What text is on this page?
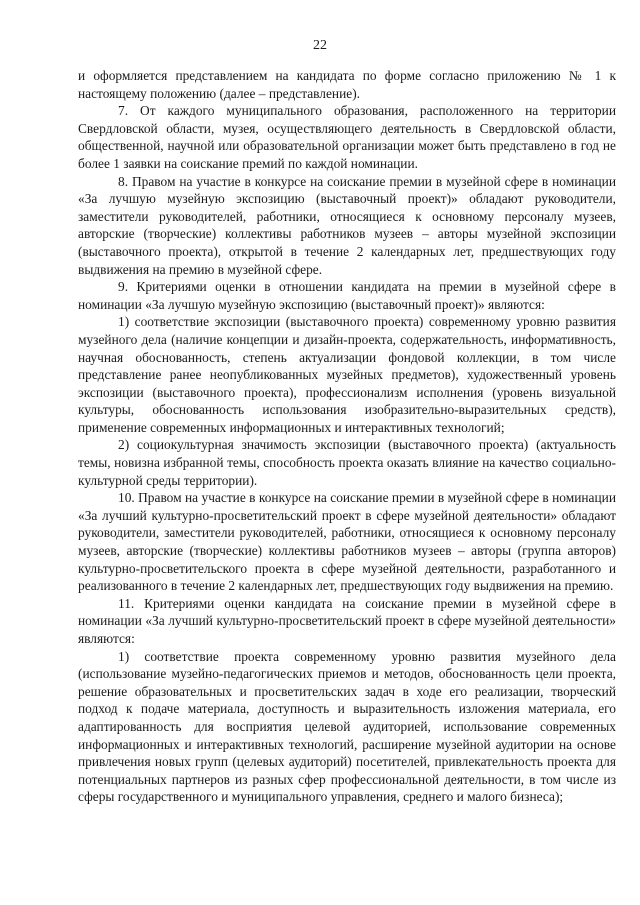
22

и оформляется представлением на кандидата по форме согласно приложению № 1 к настоящему положению (далее – представление).

7. От каждого муниципального образования, расположенного на территории Свердловской области, музея, осуществляющего деятельность в Свердловской области, общественной, научной или образовательной организации может быть представлено в год не более 1 заявки на соискание премий по каждой номинации.

8. Правом на участие в конкурсе на соискание премии в музейной сфере в номинации «За лучшую музейную экспозицию (выставочный проект)» обладают руководители, заместители руководителей, работники, относящиеся к основному персоналу музеев, авторские (творческие) коллективы работников музеев – авторы музейной экспозиции (выставочного проекта), открытой в течение 2 календарных лет, предшествующих году выдвижения на премию в музейной сфере.

9. Критериями оценки в отношении кандидата на премии в музейной сфере в номинации «За лучшую музейную экспозицию (выставочный проект)» являются:

1) соответствие экспозиции (выставочного проекта) современному уровню развития музейного дела (наличие концепции и дизайн-проекта, содержательность, информативность, научная обоснованность, степень актуализации фондовой коллекции, в том числе представление ранее неопубликованных музейных предметов), художественный уровень экспозиции (выставочного проекта), профессионализм исполнения (уровень визуальной культуры, обоснованность использования изобразительно-выразительных средств), применение современных информационных и интерактивных технологий;

2) социокультурная значимость экспозиции (выставочного проекта) (актуальность темы, новизна избранной темы, способность проекта оказать влияние на качество социально-культурной среды территории).

10. Правом на участие в конкурсе на соискание премии в музейной сфере в номинации «За лучший культурно-просветительский проект в сфере музейной деятельности» обладают руководители, заместители руководителей, работники, относящиеся к основному персоналу музеев, авторские (творческие) коллективы работников музеев – авторы (группа авторов) культурно-просветительского проекта в сфере музейной деятельности, разработанного и реализованного в течение 2 календарных лет, предшествующих году выдвижения на премию.

11. Критериями оценки кандидата на соискание премии в музейной сфере в номинации «За лучший культурно-просветительский проект в сфере музейной деятельности» являются:

1) соответствие проекта современному уровню развития музейного дела (использование музейно-педагогических приемов и методов, обоснованность цели проекта, решение образовательных и просветительских задач в ходе его реализации, творческий подход к подаче материала, доступность и выразительность изложения материала, его адаптированность для восприятия целевой аудиторией, использование современных информационных и интерактивных технологий, расширение музейной аудитории на основе привлечения новых групп (целевых аудиторий) посетителей, привлекательность проекта для потенциальных партнеров из разных сфер профессиональной деятельности, в том числе из сферы государственного и муниципального управления, среднего и малого бизнеса);
